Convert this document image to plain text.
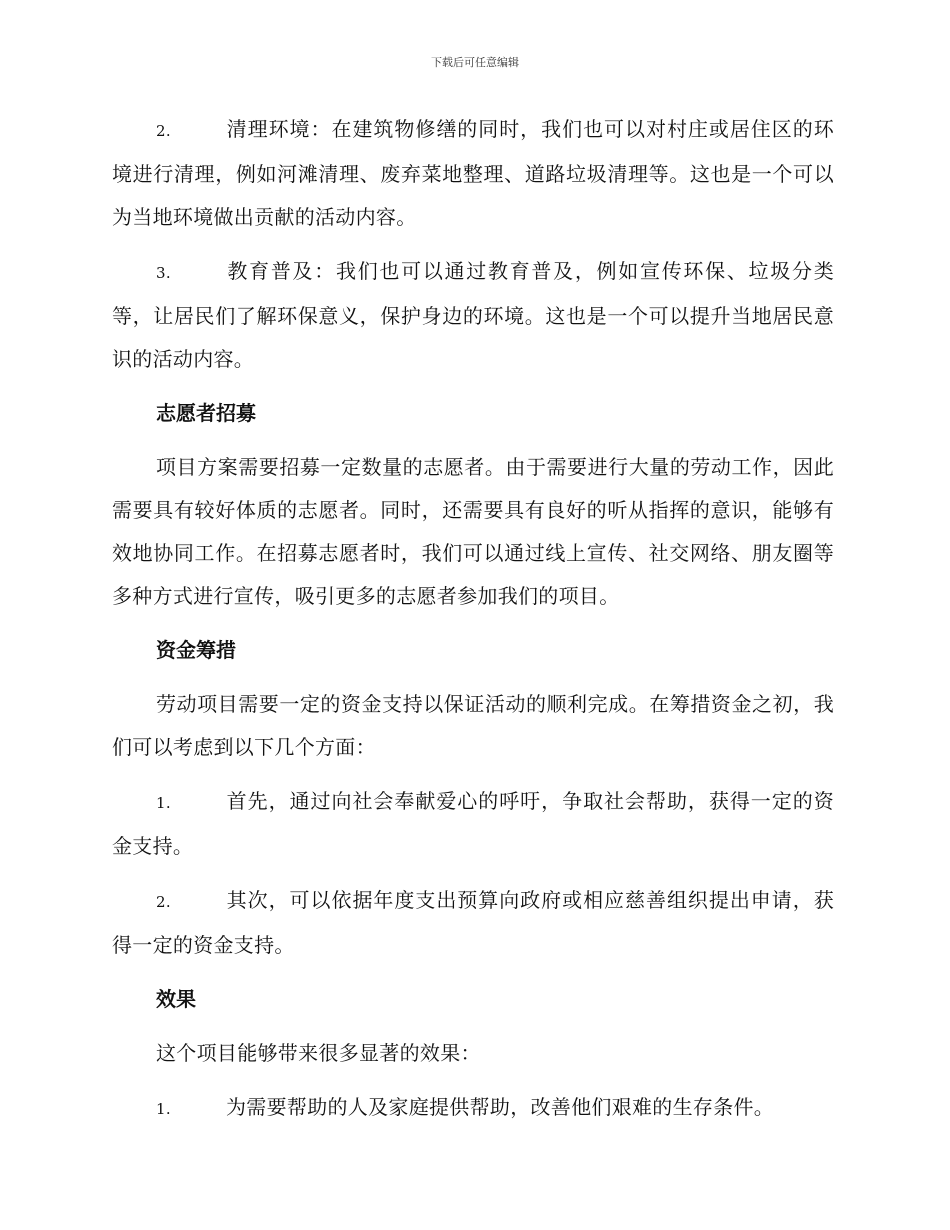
下载后可任意编辑

2.	清理环境：在建筑物修缮的同时，我们也可以对村庄或居住区的环境进行清理，例如河滩清理、废弃菜地整理、道路垃圾清理等。这也是一个可以为当地环境做出贡献的活动内容。

3.	教育普及：我们也可以通过教育普及，例如宣传环保、垃圾分类等，让居民们了解环保意义，保护身边的环境。这也是一个可以提升当地居民意识的活动内容。

志愿者招募

项目方案需要招募一定数量的志愿者。由于需要进行大量的劳动工作，因此需要具有较好体质的志愿者。同时，还需要具有良好的听从指挥的意识，能够有效地协同工作。在招募志愿者时，我们可以通过线上宣传、社交网络、朋友圈等多种方式进行宣传，吸引更多的志愿者参加我们的项目。

资金筹措

劳动项目需要一定的资金支持以保证活动的顺利完成。在筹措资金之初，我们可以考虑到以下几个方面：

1.	首先，通过向社会奉献爱心的呼吁，争取社会帮助，获得一定的资金支持。

2.	其次，可以依据年度支出预算向政府或相应慈善组织提出申请，获得一定的资金支持。

效果

这个项目能够带来很多显著的效果：

1.	为需要帮助的人及家庭提供帮助，改善他们艰难的生存条件。
